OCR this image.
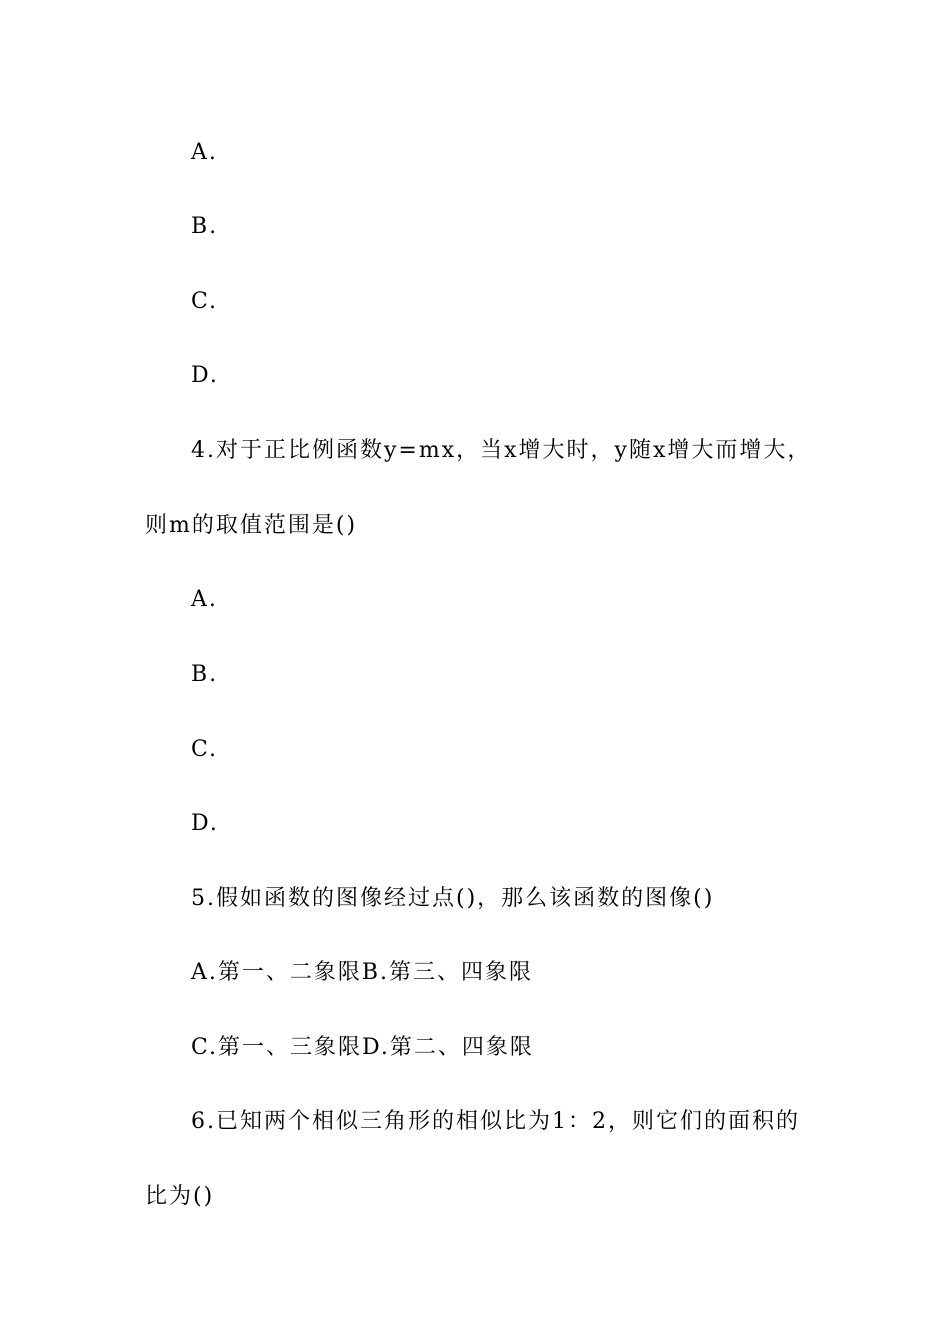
A.
B.
C.
D.
4.对于正比例函数y=mx，当x增大时，y随x增大而增大，
则m的取值范围是()
A.
B.
C.
D.
5.假如函数的图像经过点()，那么该函数的图像()
A.第一、二象限B.第三、四象限
C.第一、三象限D.第二、四象限
6.已知两个相似三角形的相似比为1：2，则它们的面积的
比为()
